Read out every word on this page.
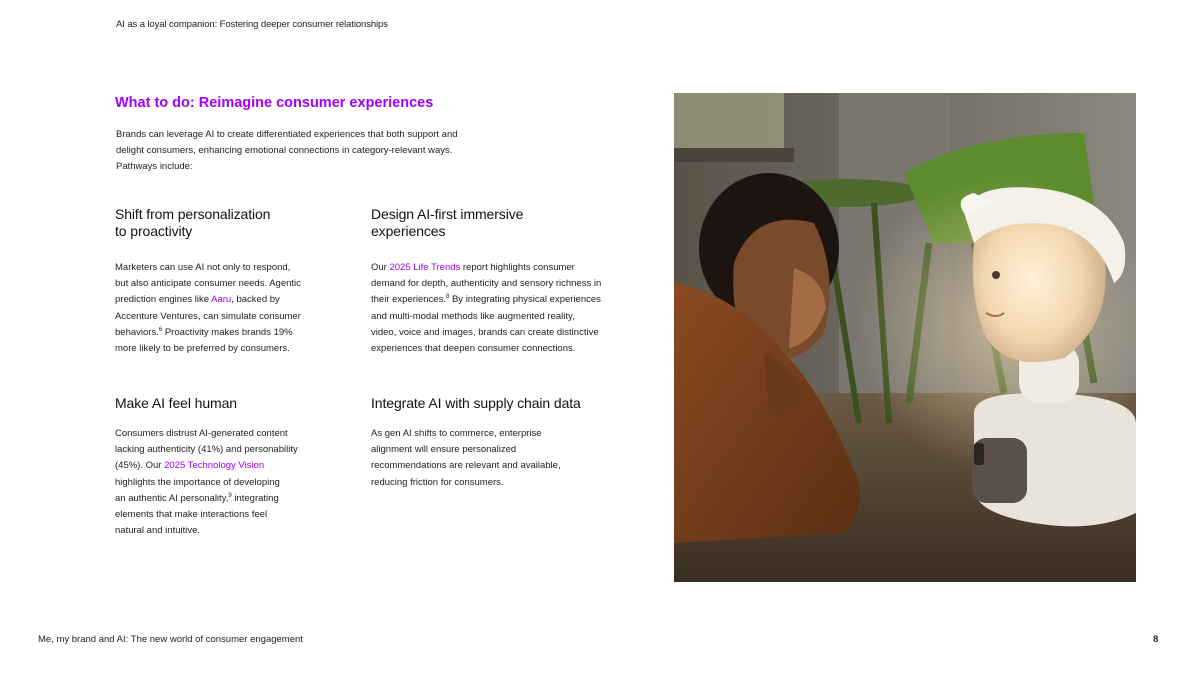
AI as a loyal companion: Fostering deeper consumer relationships
What to do: Reimagine consumer experiences
Brands can leverage AI to create differentiated experiences that both support and
delight consumers, enhancing emotional connections in category-relevant ways.
Pathways include:
Shift from personalization
to proactivity
Marketers can use AI not only to respond,
but also anticipate consumer needs. Agentic
prediction engines like Aaru, backed by
Accenture Ventures, can simulate consumer
behaviors.$^6$ Proactivity makes brands 19%
more likely to be preferred by consumers.
Design AI-first immersive
experiences
Our 2025 Life Trends report highlights consumer
demand for depth, authenticity and sensory richness in
their experiences.$^8$ By integrating physical experiences
and multi-modal methods like augmented reality,
video, voice and images, brands can create distinctive
experiences that deepen consumer connections.
Make AI feel human
Consumers distrust AI-generated content
lacking authenticity (41%) and personability
(45%). Our 2025 Technology Vision
highlights the importance of developing
an authentic AI personality,$^9$ integrating
elements that make interactions feel
natural and intuitive.
Integrate AI with supply chain data
As gen AI shifts to commerce, enterprise
alignment will ensure personalized
recommendations are relevant and available,
reducing friction for consumers.
Me, my brand and AI: The new world of consumer engagement	8
